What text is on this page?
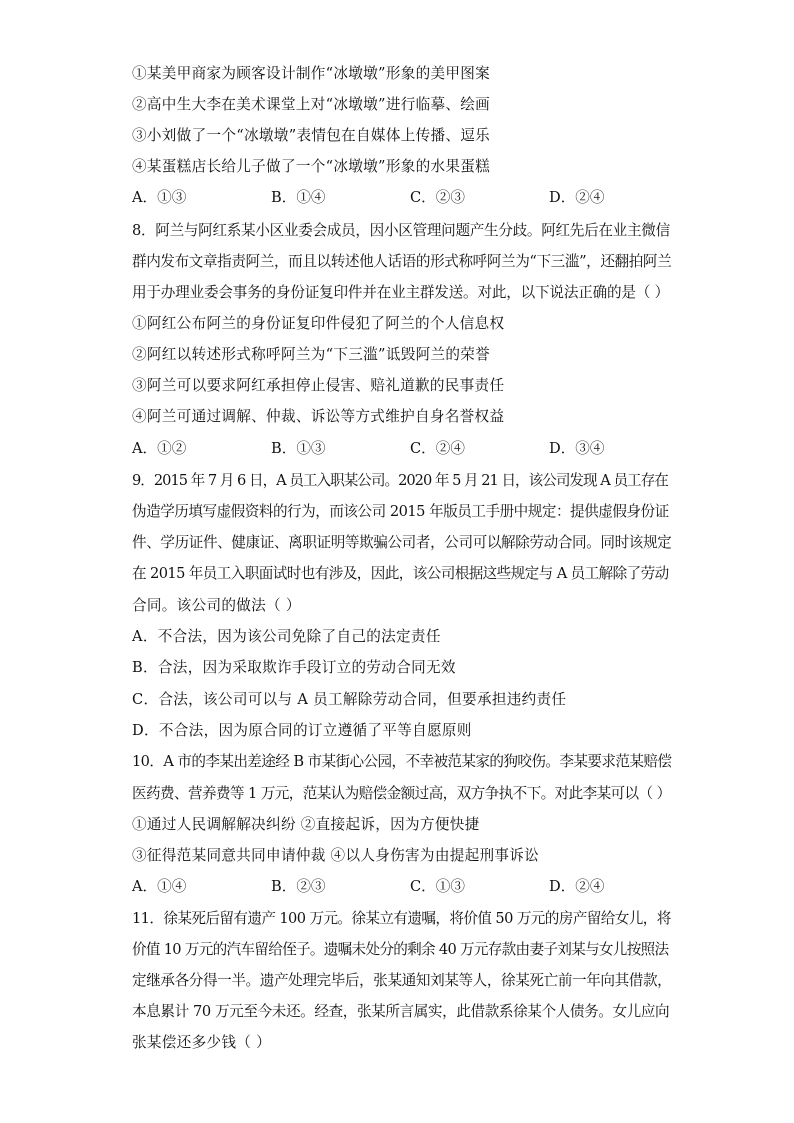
①某美甲商家为顾客设计制作“冰墩墩”形象的美甲图案
②高中生大李在美术课堂上对“冰墩墩”进行临摹、绘画
③小刘做了一个“冰墩墩”表情包在自媒体上传播、逗乐
④某蛋糕店长给儿子做了一个“冰墩墩”形象的水果蛋糕
A．①③	B．①④	C．②③	D．②④
8．阿兰与阿红系某小区业委会成员，因小区管理问题产生分歧。阿红先后在业主微信
群内发布文章指责阿兰，而且以转述他人话语的形式称呼阿兰为“下三滥”，还翻拍阿兰
用于办理业委会事务的身份证复印件并在业主群发送。对此，以下说法正确的是（ ）
①阿红公布阿兰的身份证复印件侵犯了阿兰的个人信息权
②阿红以转述形式称呼阿兰为“下三滥”诋毁阿兰的荣誉
③阿兰可以要求阿红承担停止侵害、赔礼道歉的民事责任
④阿兰可通过调解、仲裁、诉讼等方式维护自身名誉权益
A．①②	B．①③	C．②④	D．③④
9．2015 年 7 月 6 日，A 员工入职某公司。2020 年 5 月 21 日，该公司发现 A 员工存在
伪造学历填写虚假资料的行为，而该公司 2015 年版员工手册中规定：提供虚假身份证
件、学历证件、健康证、离职证明等欺骗公司者，公司可以解除劳动合同。同时该规定
在 2015 年员工入职面试时也有涉及，因此，该公司根据这些规定与 A 员工解除了劳动
合同。该公司的做法（ ）
A．不合法，因为该公司免除了自己的法定责任
B．合法，因为采取欺诈手段订立的劳动合同无效
C．合法，该公司可以与 A 员工解除劳动合同，但要承担违约责任
D．不合法，因为原合同的订立遵循了平等自愿原则
10．A 市的李某出差途经 B 市某街心公园，不幸被范某家的狗咬伤。李某要求范某赔偿
医药费、营养费等 1 万元，范某认为赔偿金额过高，双方争执不下。对此李某可以（ ）
①通过人民调解解决纠纷 ②直接起诉，因为方便快捷
③征得范某同意共同申请仲裁 ④以人身伤害为由提起刑事诉讼
A．①④	B．②③	C．①③	D．②④
11．徐某死后留有遗产 100 万元。徐某立有遗嘱，将价值 50 万元的房产留给女儿，将
价值 10 万元的汽车留给侄子。遗嘱未处分的剩余 40 万元存款由妻子刘某与女儿按照法
定继承各分得一半。遗产处理完毕后，张某通知刘某等人，徐某死亡前一年向其借款，
本息累计 70 万元至今未还。经查，张某所言属实，此借款系徐某个人债务。女儿应向
张某偿还多少钱（ ）
